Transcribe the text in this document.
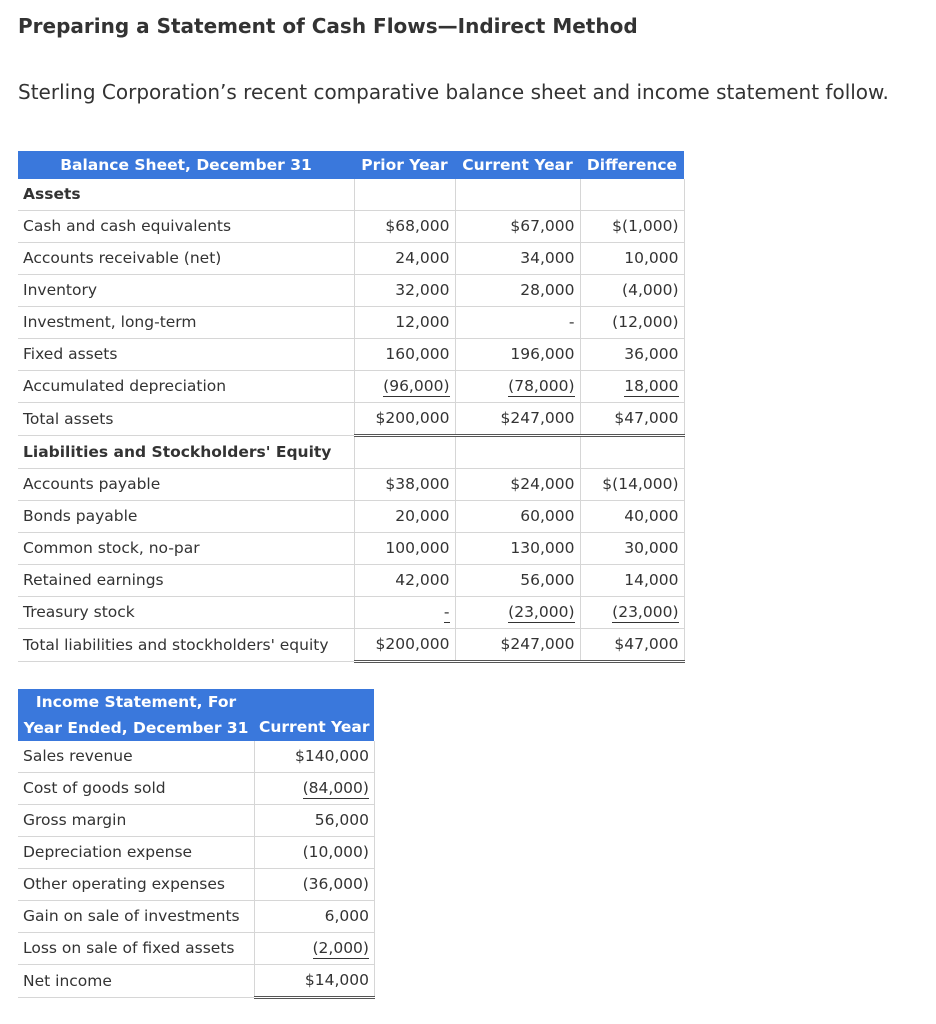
Preparing a Statement of Cash Flows—Indirect Method
Sterling Corporation’s recent comparative balance sheet and income statement follow.
Balance Sheet, December 31	Prior Year	Current Year	Difference
Assets			
Cash and cash equivalents	$68,000	$67,000	$(1,000)
Accounts receivable (net)	24,000	34,000	10,000
Inventory	32,000	28,000	(4,000)
Investment, long-term	12,000	-	(12,000)
Fixed assets	160,000	196,000	36,000
Accumulated depreciation	(96,000)	(78,000)	18,000
Total assets	$200,000	$247,000	$47,000
Liabilities and Stockholders' Equity			
Accounts payable	$38,000	$24,000	$(14,000)
Bonds payable	20,000	60,000	40,000
Common stock, no-par	100,000	130,000	30,000
Retained earnings	42,000	56,000	14,000
Treasury stock	-	(23,000)	(23,000)
Total liabilities and stockholders' equity	$200,000	$247,000	$47,000
Income Statement, For
Year Ended, December 31	Current Year
Sales revenue	$140,000
Cost of goods sold	(84,000)
Gross margin	56,000
Depreciation expense	(10,000)
Other operating expenses	(36,000)
Gain on sale of investments	6,000
Loss on sale of fixed assets	(2,000)
Net income	$14,000
